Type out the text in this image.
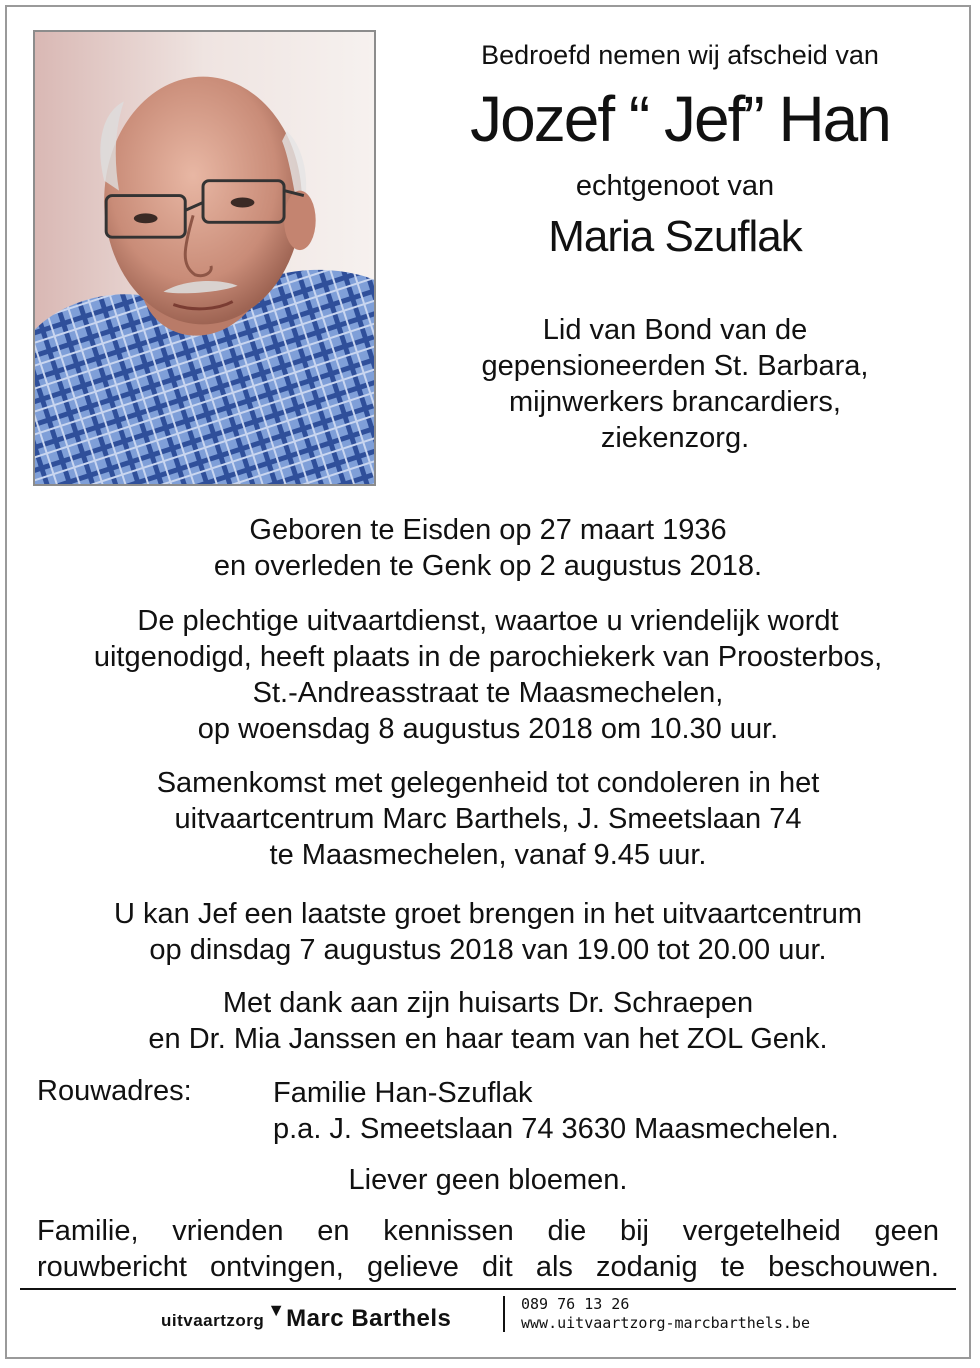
Bedroefd nemen wij afscheid van
Jozef “ Jef” Han
echtgenoot van
Maria Szuflak
Lid van Bond van de
gepensioneerden St. Barbara,
mijnwerkers brancardiers,
ziekenzorg.
Geboren te Eisden op 27 maart 1936
en overleden te Genk op 2 augustus 2018.
De plechtige uitvaartdienst, waartoe u vriendelijk wordt
uitgenodigd, heeft plaats in de parochiekerk van Proosterbos,
St.-Andreasstraat te Maasmechelen,
op woensdag 8 augustus 2018 om 10.30 uur.
Samenkomst met gelegenheid tot condoleren in het
uitvaartcentrum Marc Barthels, J. Smeetslaan 74
te Maasmechelen, vanaf 9.45 uur.
U kan Jef een laatste groet brengen in het uitvaartcentrum
op dinsdag 7 augustus 2018 van 19.00 tot 20.00 uur.
Met dank aan zijn huisarts Dr. Schraepen
en Dr. Mia Janssen en haar team van het ZOL Genk.
Rouwadres:	Familie Han-Szuflak
p.a. J. Smeetslaan 74 3630 Maasmechelen.
Liever geen bloemen.
Familie, vrienden en kennissen die bij vergetelheid geen
rouwbericht ontvingen, gelieve dit als zodanig te beschouwen.
uitvaartzorg▼Marc Barthels
089 76 13 26
www.uitvaartzorg-marcbarthels.be
